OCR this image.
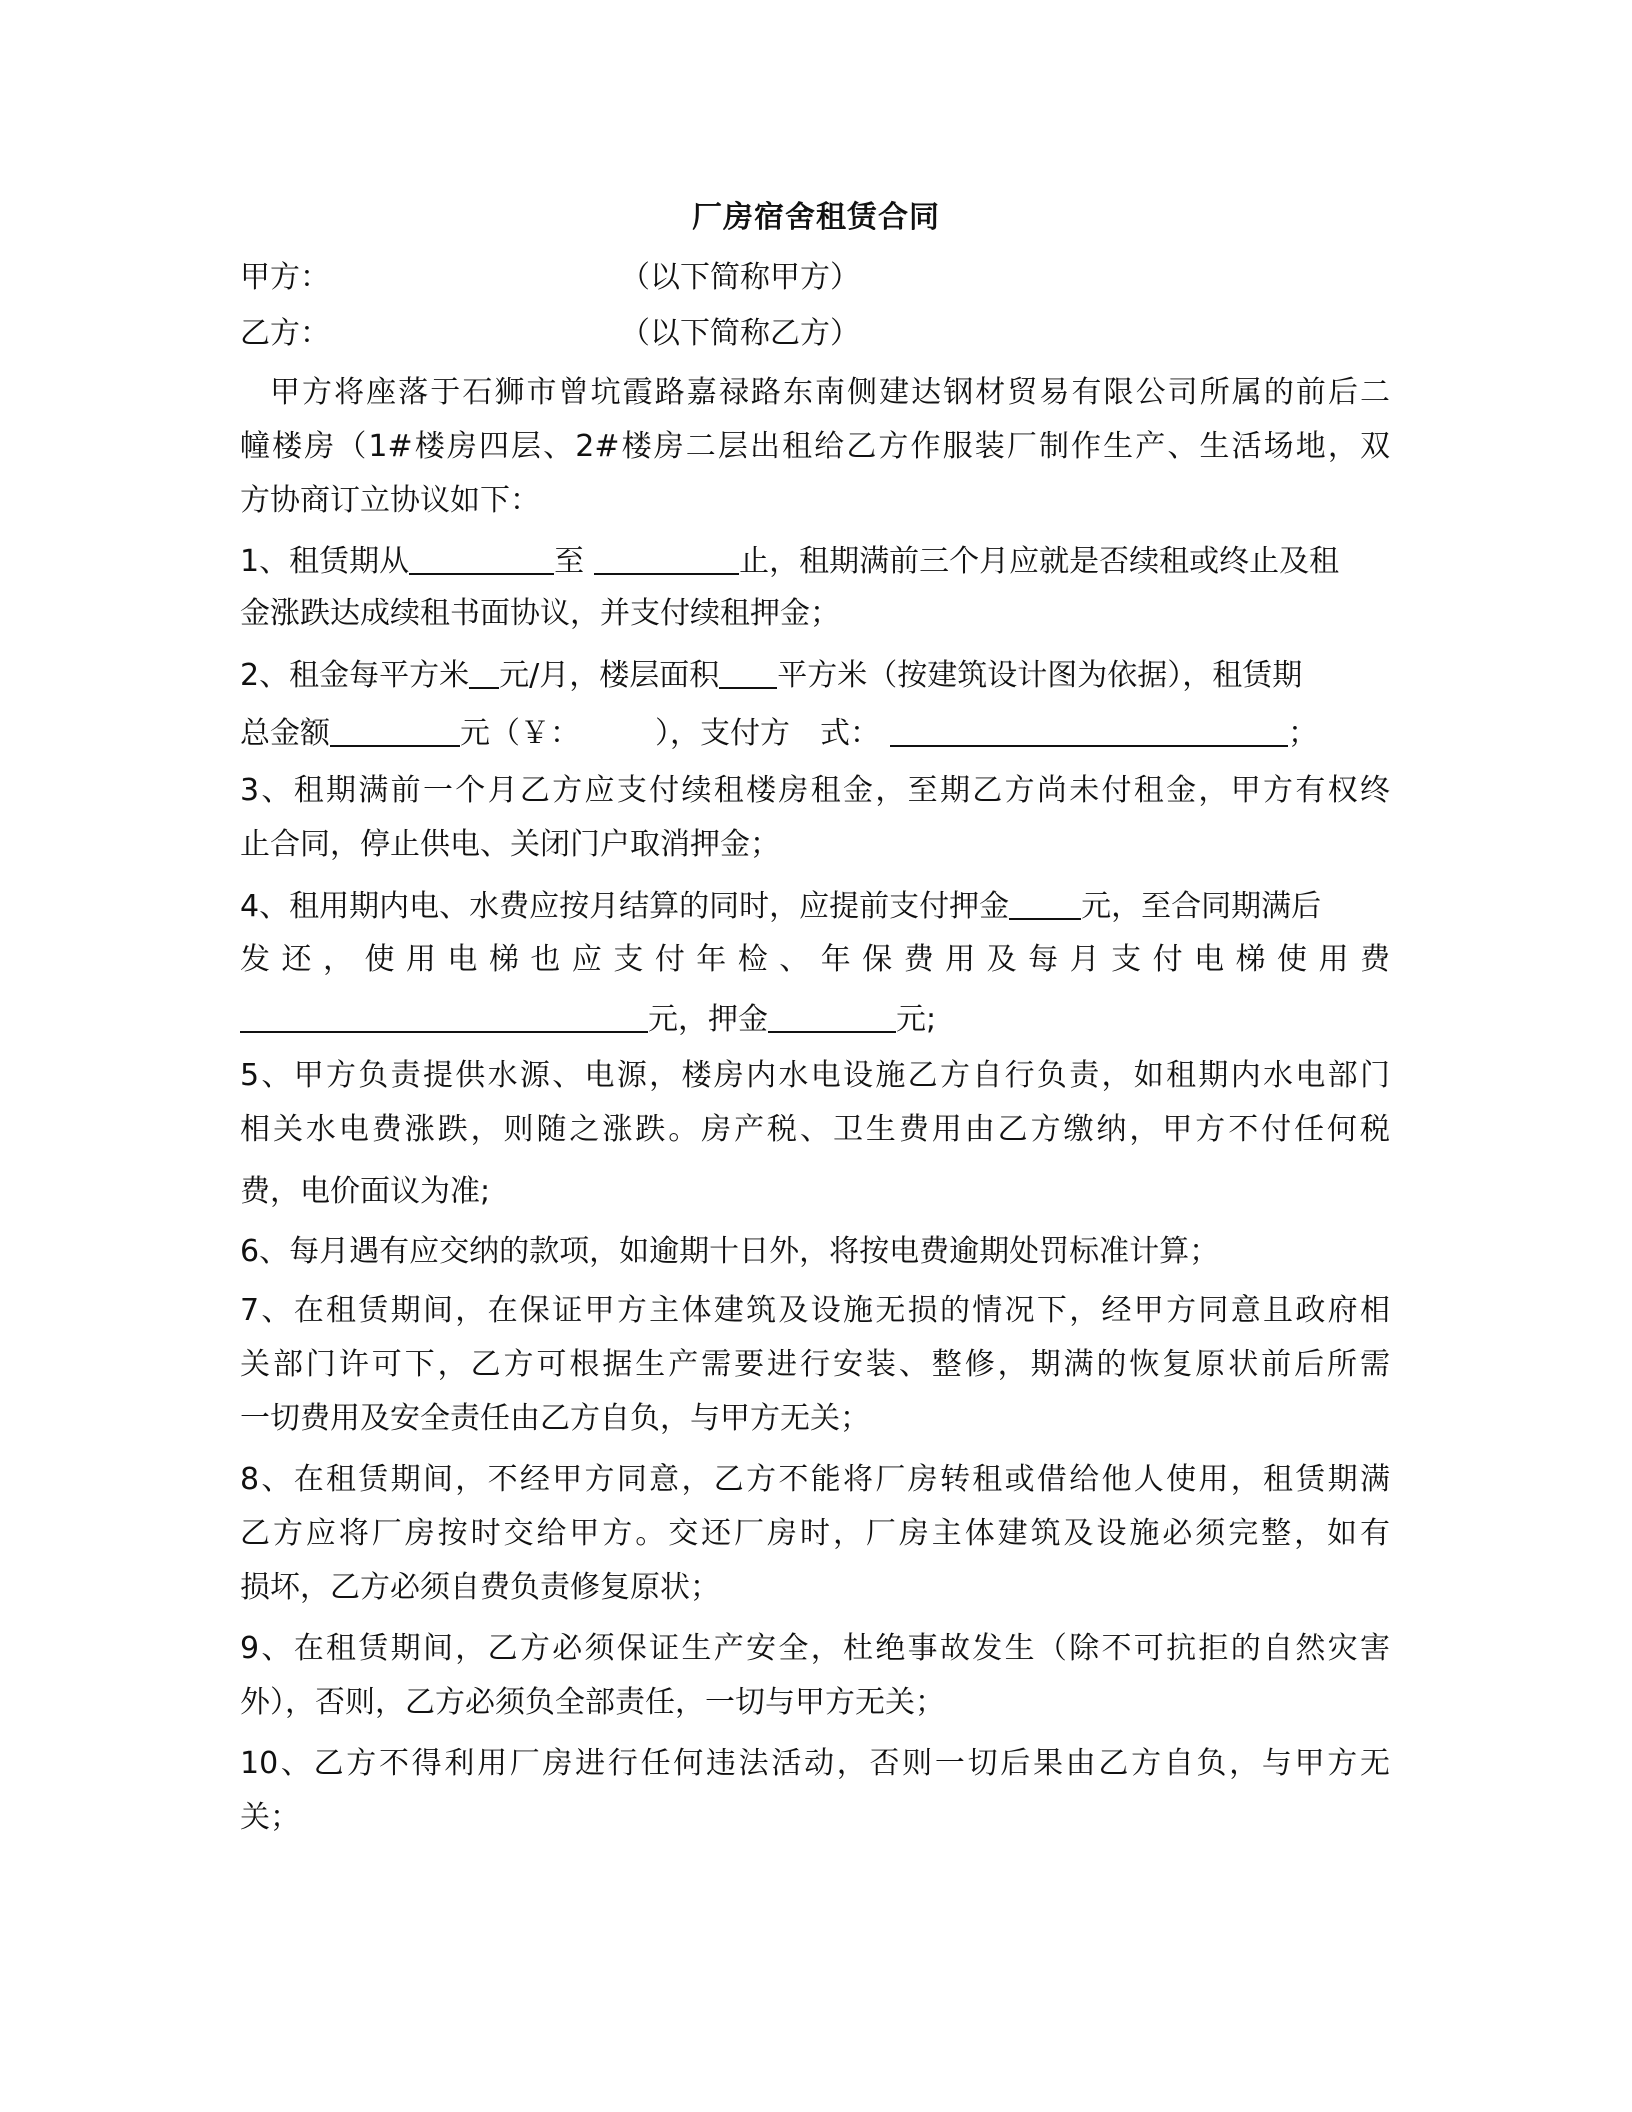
厂房宿舍租赁合同
甲方：	（以下简称甲方）
乙方：	（以下简称乙方）
甲方将座落于石狮市曾坑霞路嘉禄路东南侧建达钢材贸易有限公司所属的前后二
幢楼房（1#楼房四层、2#楼房二层出租给乙方作服装厂制作生产、生活场地，双
方协商订立协议如下：
1、租赁期从	至	止，租期满前三个月应就是否续租或终止及租
金涨跌达成续租书面协议，并支付续租押金；
2、租金每平方米 元/月，楼层面积 平方米（按建筑设计图为依据），租赁期
总金额	元（￥：　　　），支付方　式：	；
3、租期满前一个月乙方应支付续租楼房租金，至期乙方尚未付租金，甲方有权终
止合同，停止供电、关闭门户取消押金；
4、租用期内电、水费应按月结算的同时，应提前支付押金 元，至合同期满后
发还，使用电梯也应支付年检、年保费用及每月支付电梯使用费
元，押金	元;
5、甲方负责提供水源、电源，楼房内水电设施乙方自行负责，如租期内水电部门
相关水电费涨跌，则随之涨跌。房产税、卫生费用由乙方缴纳，甲方不付任何税
费，电价面议为准;
6、每月遇有应交纳的款项，如逾期十日外，将按电费逾期处罚标准计算；
7、在租赁期间，在保证甲方主体建筑及设施无损的情况下，经甲方同意且政府相
关部门许可下，乙方可根据生产需要进行安装、整修，期满的恢复原状前后所需
一切费用及安全责任由乙方自负，与甲方无关；
8、在租赁期间，不经甲方同意，乙方不能将厂房转租或借给他人使用，租赁期满
乙方应将厂房按时交给甲方。交还厂房时，厂房主体建筑及设施必须完整，如有
损坏，乙方必须自费负责修复原状；
9、在租赁期间，乙方必须保证生产安全，杜绝事故发生（除不可抗拒的自然灾害
外），否则，乙方必须负全部责任，一切与甲方无关；
10、乙方不得利用厂房进行任何违法活动，否则一切后果由乙方自负，与甲方无
关；
